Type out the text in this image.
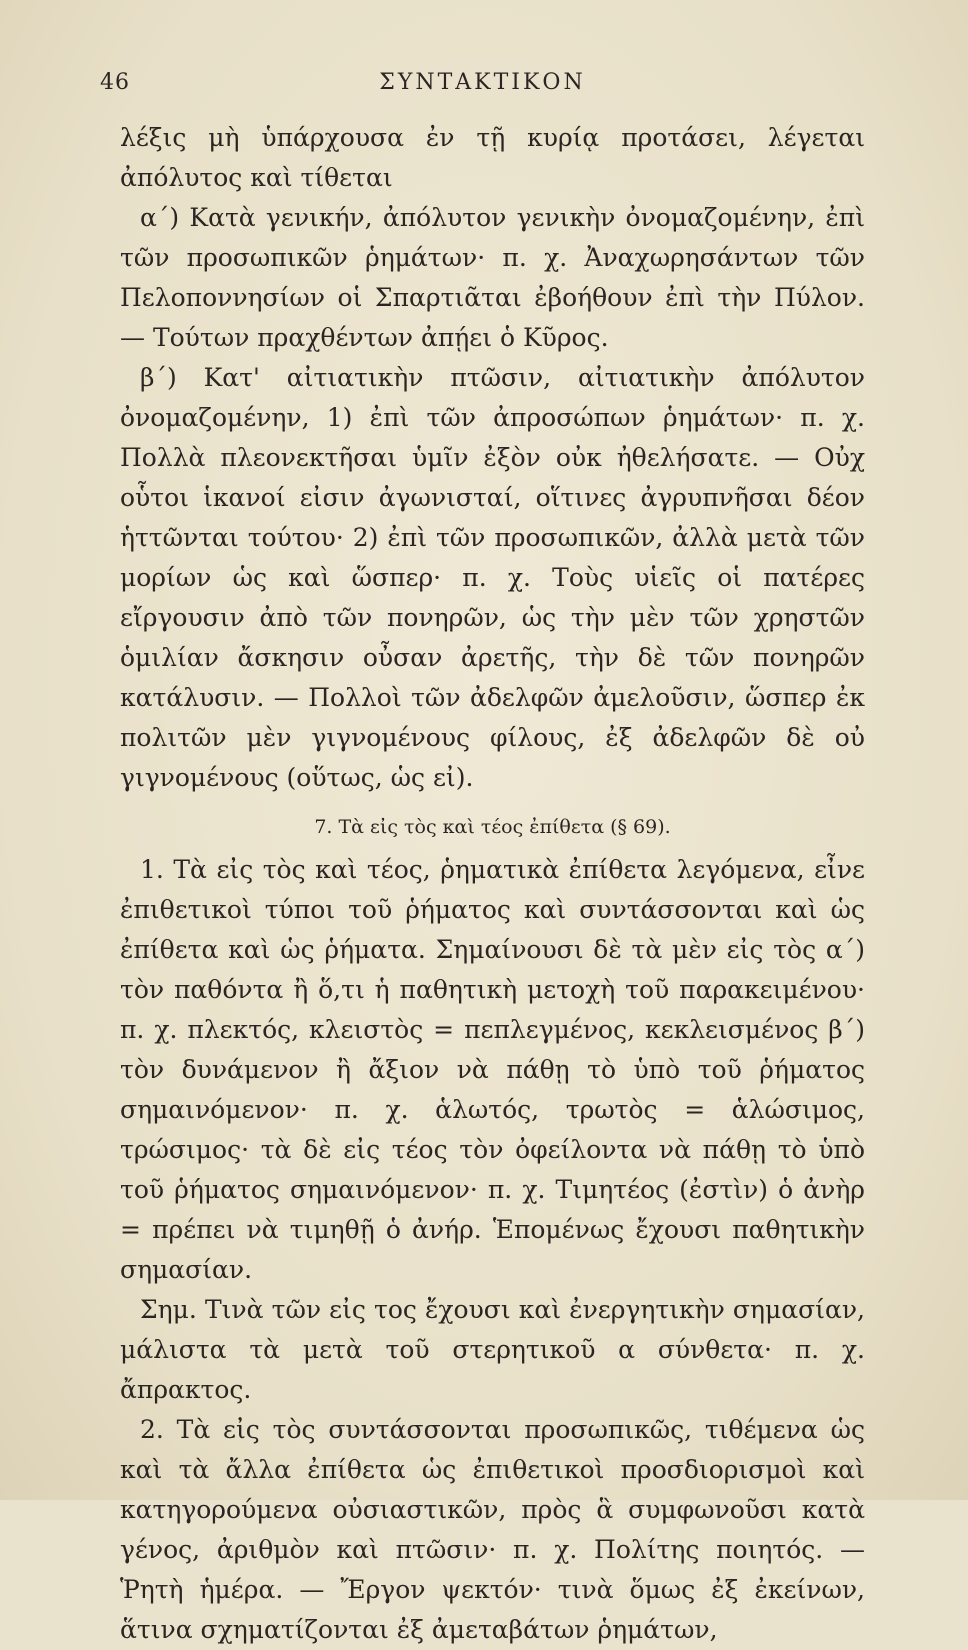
46	ΣΥΝΤΑΚΤΙΚΟΝ

λέξις μὴ ὑπάρχουσα ἐν τῇ κυρίᾳ προτάσει, λέγεται ἀπόλυτος καὶ τίθεται

α΄) Κατὰ γενικήν, ἀπόλυτον γενικὴν ὀνομαζομένην, ἐπὶ τῶν προσωπικῶν ῥημάτων· π. χ. Ἀναχωρησάντων τῶν Πελοποννησίων οἱ Σπαρτιᾶται ἐβοήθουν ἐπὶ τὴν Πύλον. — Τούτων πραχθέντων ἀπῄει ὁ Κῦρος.

β΄) Κατ' αἰτιατικὴν πτῶσιν, αἰτιατικὴν ἀπόλυτον ὀνομαζομένην, 1) ἐπὶ τῶν ἀπροσώπων ῥημάτων· π. χ. Πολλὰ πλεονεκτῆσαι ὑμῖν ἐξὸν οὐκ ἠθελήσατε. — Οὐχ οὗτοι ἱκανοί εἰσιν ἀγωνισταί, οἵτινες ἀγρυπνῆσαι δέον ἡττῶνται τούτου· 2) ἐπὶ τῶν προσωπικῶν, ἀλλὰ μετὰ τῶν μορίων ὡς καὶ ὥσπερ· π. χ. Τοὺς υἱεῖς οἱ πατέρες εἴργουσιν ἀπὸ τῶν πονηρῶν, ὡς τὴν μὲν τῶν χρηστῶν ὁμιλίαν ἄσκησιν οὖσαν ἀρετῆς, τὴν δὲ τῶν πονηρῶν κατάλυσιν. — Πολλοὶ τῶν ἀδελφῶν ἀμελοῦσιν, ὥσπερ ἐκ πολιτῶν μὲν γιγνομένους φίλους, ἐξ ἀδελφῶν δὲ οὐ γιγνομένους (οὕτως, ὡς εἰ).

7. Τὰ εἰς τὸς καὶ τέος ἐπίθετα (§ 69).

1. Τὰ εἰς τὸς καὶ τέος, ῥηματικὰ ἐπίθετα λεγόμενα, εἶνε ἐπιθετικοὶ τύποι τοῦ ῥήματος καὶ συντάσσονται καὶ ὡς ἐπίθετα καὶ ὡς ῥήματα. Σημαίνουσι δὲ τὰ μὲν εἰς τὸς α΄) τὸν παθόντα ἢ ὅ,τι ἡ παθητικὴ μετοχὴ τοῦ παρακειμένου· π. χ. πλεκτός, κλειστὸς = πεπλεγμένος, κεκλεισμένος β΄) τὸν δυνάμενον ἢ ἄξιον νὰ πάθῃ τὸ ὑπὸ τοῦ ῥήματος σημαινόμενον· π. χ. ἁλωτός, τρωτὸς = ἁλώσιμος, τρώσιμος· τὰ δὲ εἰς τέος τὸν ὀφείλοντα νὰ πάθῃ τὸ ὑπὸ τοῦ ῥήματος σημαινόμενον· π. χ. Τιμητέος (ἐστὶν) ὁ ἀνὴρ = πρέπει νὰ τιμηθῇ ὁ ἀνήρ. Ἑπομένως ἔχουσι παθητικὴν σημασίαν.

Σημ. Τινὰ τῶν εἰς τος ἔχουσι καὶ ἐνεργητικὴν σημασίαν, μάλιστα τὰ μετὰ τοῦ στερητικοῦ α σύνθετα· π. χ. ἄπρακτος.

2. Τὰ εἰς τὸς συντάσσονται προσωπικῶς, τιθέμενα ὡς καὶ τὰ ἄλλα ἐπίθετα ὡς ἐπιθετικοὶ προσδιορισμοὶ καὶ κατηγορούμενα οὐσιαστικῶν, πρὸς ἃ συμφωνοῦσι κατὰ γένος, ἀριθμὸν καὶ πτῶσιν· π. χ. Πολίτης ποιητός. — Ῥητὴ ἡμέρα. — Ἔργον ψεκτόν· τινὰ ὅμως ἐξ ἐκείνων, ἅτινα σχηματίζονται ἐξ ἀμεταβάτων ῥημάτων,
